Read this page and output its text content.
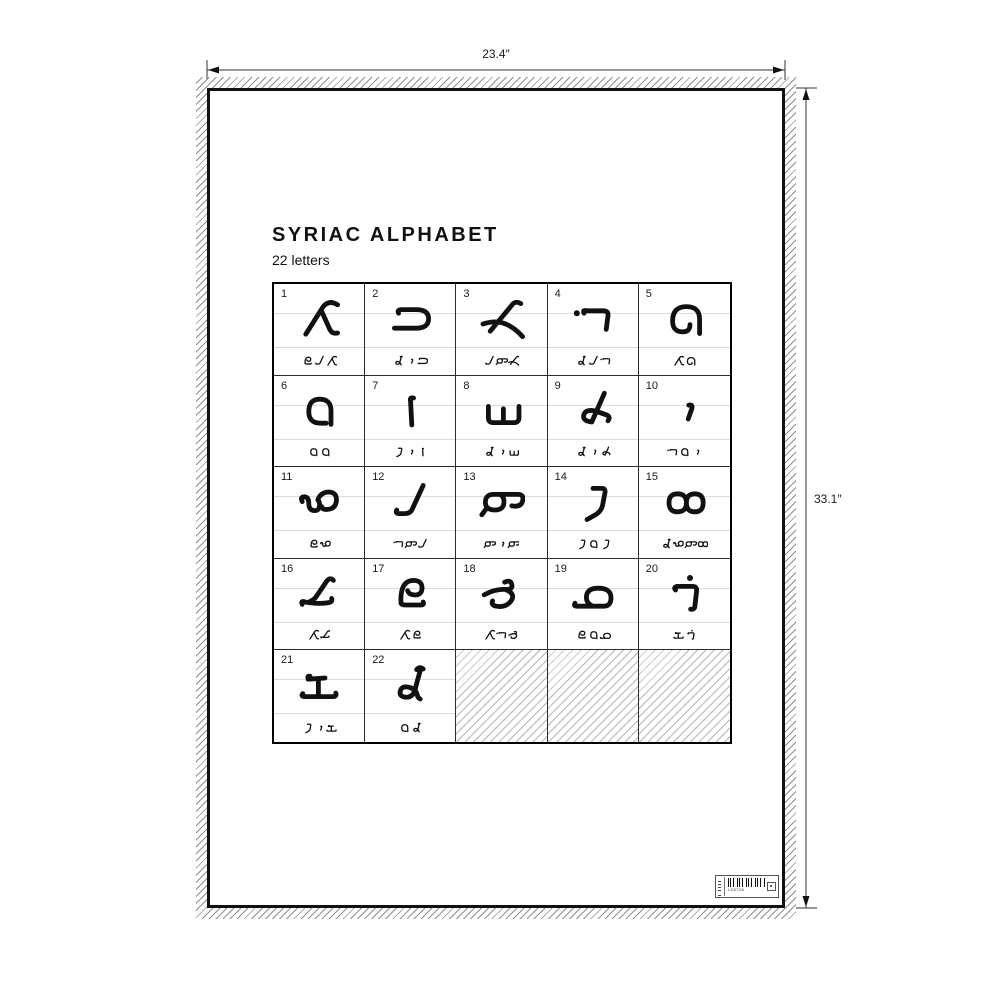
23.4″
33.1″
SYRIAC ALPHABET
22 letters
1	2	3	4	5
6	7	8	9	10
11	12	13	14	15
16	17	18	19	20
21	22
L08726
